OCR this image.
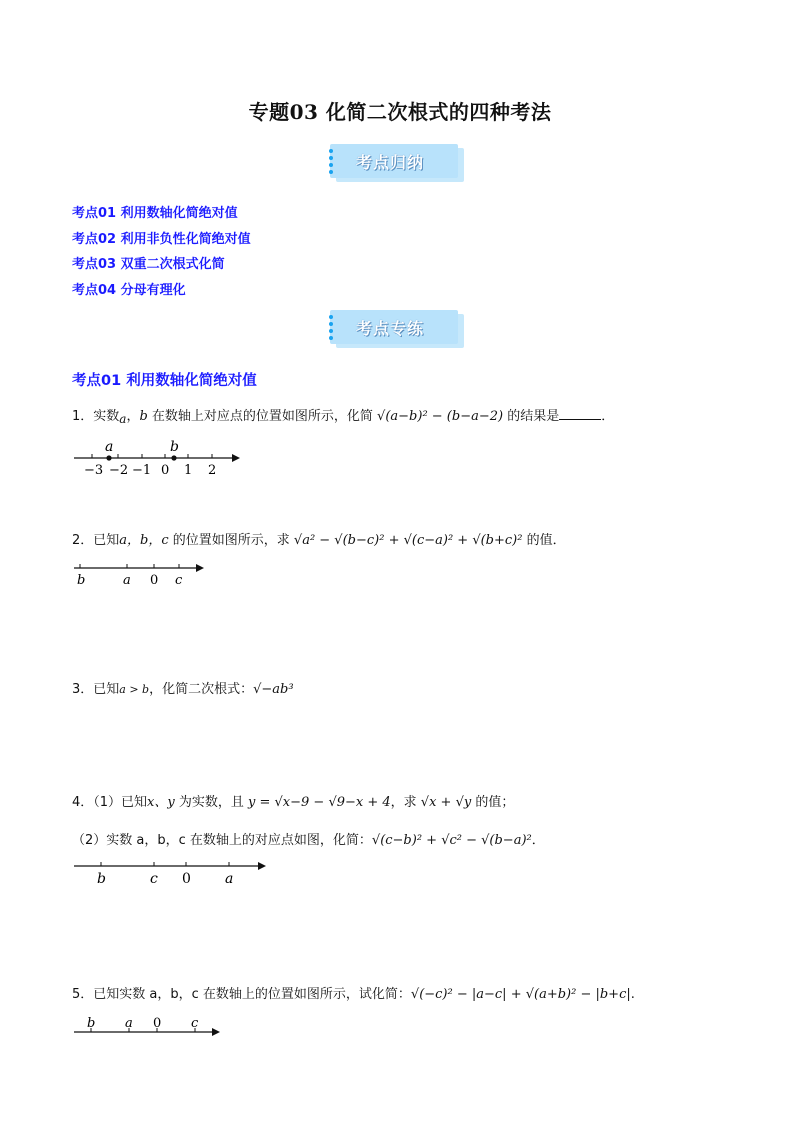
专题03 化简二次根式的四种考法
考点归纳
考点01 利用数轴化简绝对值
考点02 利用非负性化简绝对值
考点03 双重二次根式化简
考点04 分母有理化
考点专练
考点01 利用数轴化简绝对值
1．实数a，b 在数轴上对应点的位置如图所示，化简 √(a−b)² − (b−a−2) 的结果是	．
a	b
−3 −2 −1 0 1 2
2．已知a，b，c 的位置如图所示，求 √a² − √(b−c)² + √(c−a)² + √(b+c)² 的值．
b	a 0 c
3．已知a > b，化简二次根式：√−ab³
4．（1）已知x、y 为实数，且 y = √x−9 − √9−x + 4，求 √x + √y 的值；
（2）实数 a，b，c 在数轴上的对应点如图，化简：√(c−b)² + √c² − √(b−a)²．
b	c 0 a
5．已知实数 a，b，c 在数轴上的位置如图所示，试化简：√(−c)² − |a−c| + √(a+b)² − |b+c|.
b a 0 c
